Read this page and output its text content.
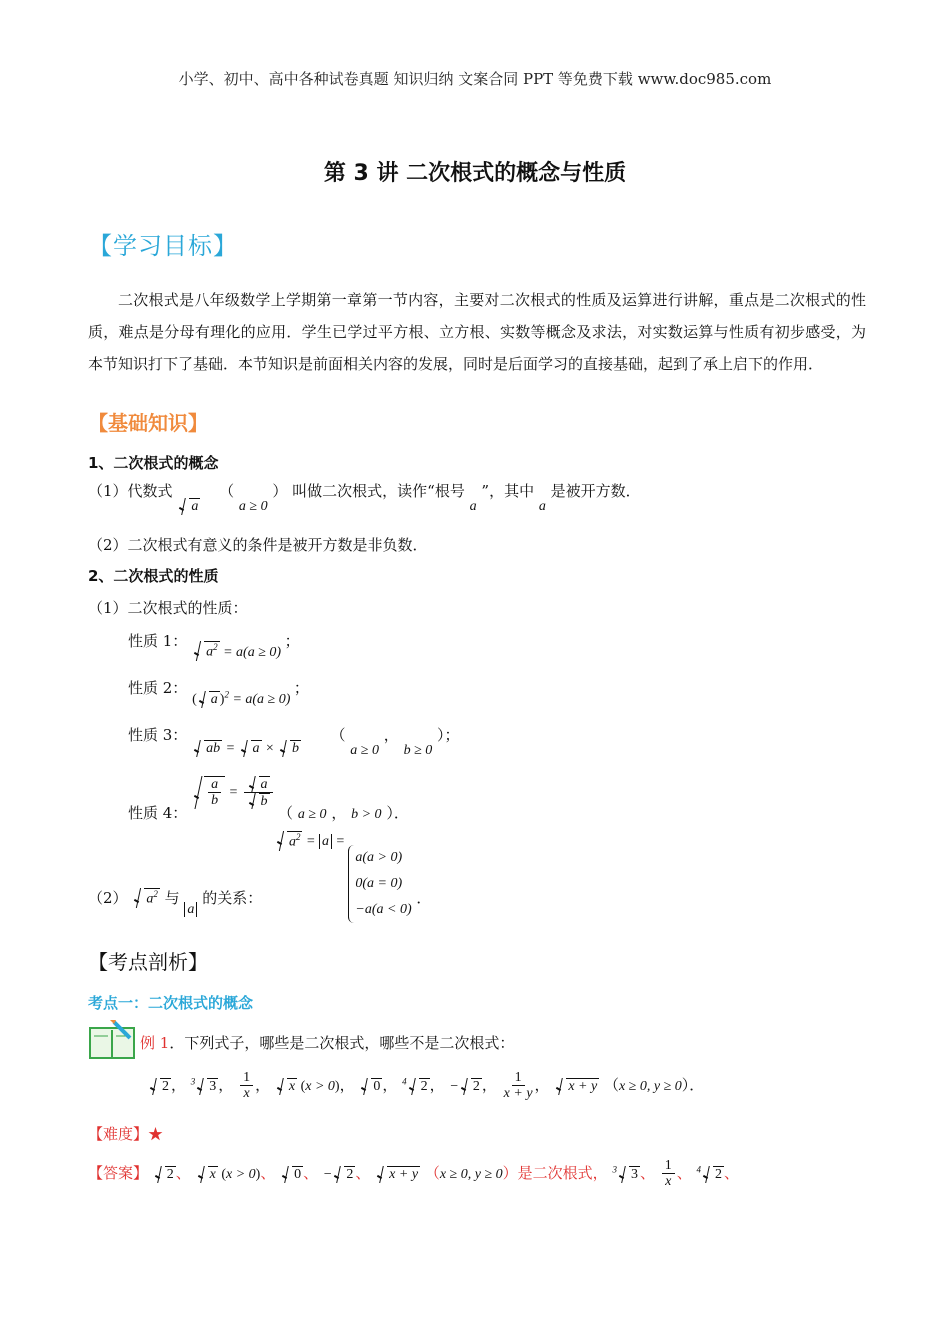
小学、初中、高中各种试卷真题 知识归纳 文案合同 PPT 等免费下载 www.doc985.com
第 3 讲 二次根式的概念与性质
【学习目标】
二次根式是八年级数学上学期第一章第一节内容，主要对二次根式的性质及运算进行讲解，重点是二次根式的性质，难点是分母有理化的应用．学生已学过平方根、立方根、实数等概念及求法，对实数运算与性质有初步感受，为本节知识打下了基础．本节知识是前面相关内容的发展，同时是后面学习的直接基础，起到了承上启下的作用．
【基础知识】
1、二次根式的概念
（1）代数式 a （ a ≥ 0 ） 叫做二次根式，读作“根号 a ”，其中 a 是被开方数．
（2）二次根式有意义的条件是被开方数是非负数．
2、二次根式的性质
（1）二次根式的性质：
性质 1： $a^2 = a(a \ge 0)$ ；
性质 2： ( a )$^2$ = a(a ≥ 0) ；
性质 3： ab = a × b （ a ≥ 0 ， b ≥ 0 ）；
性质 4：
$\frac{a}{b} = \frac{a}{b}$
（ a ≥ 0 ， b > 0 ）．
（2） $a^2$ 与 a 的关系： $a^2 = a = a(a > 0)$
0(a = 0)
−a(a < 0) ．
【考点剖析】
考点一：二次根式的概念
例 1．下列式子，哪些是二次根式，哪些不是二次根式：
2 ， $^3$ 3 ， $\frac{1}{x}$ ， x (x > 0)， 0 ， $^4$ 2 ， − 2 ， $\frac{1}{x + y}$ ， x + y （x ≥ 0, y ≥ 0）．
【难度】★
【答案】 2 、 x (x > 0)、 0 、 − 2 、 x + y （x ≥ 0, y ≥ 0）是二次根式， $^3$ 3 、 $\frac{1}{x}$ 、 $^4$ 2 、
